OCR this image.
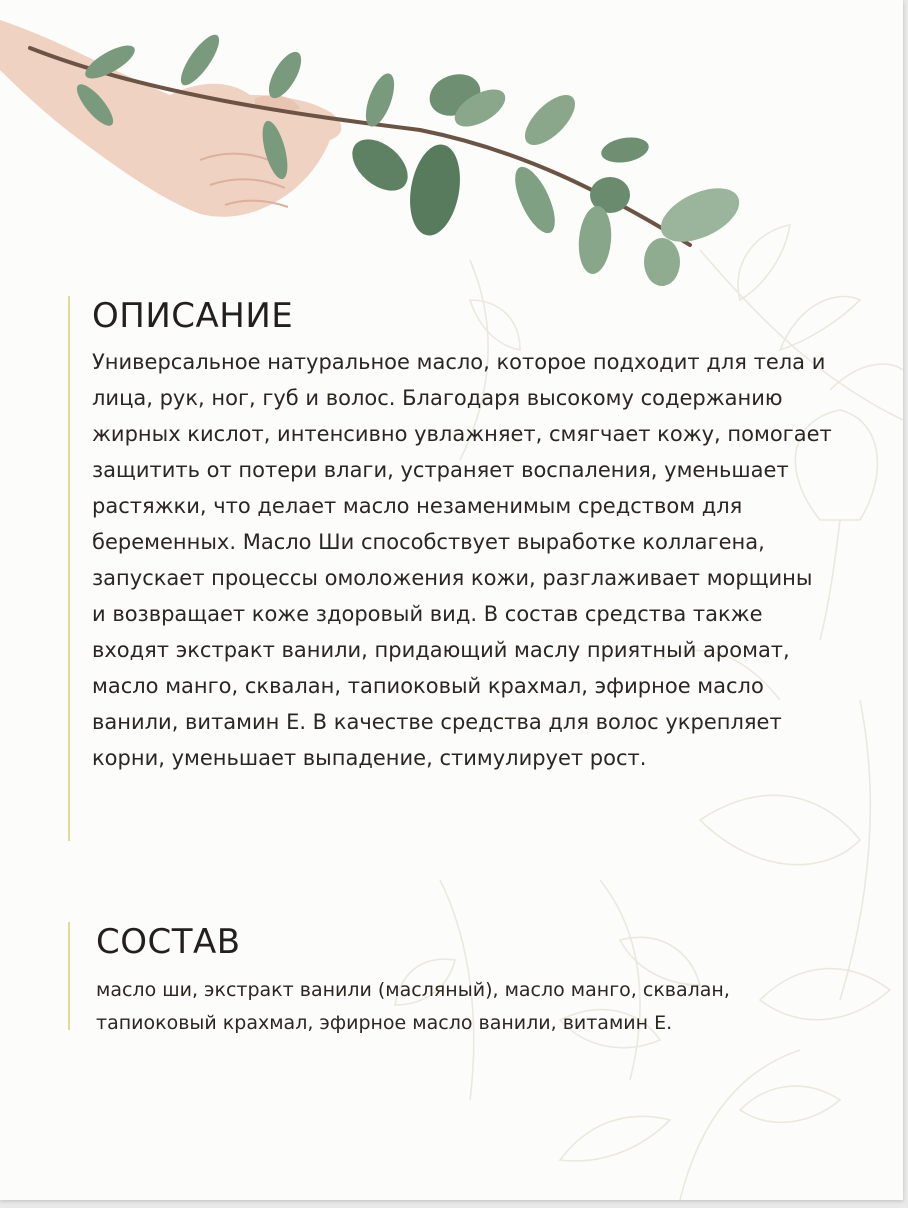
ОПИСАНИЕ

Универсальное натуральное масло, которое подходит для тела и лица, рук, ног, губ и волос. Благодаря высокому содержанию жирных кислот, интенсивно увлажняет, смягчает кожу, помогает защитить от потери влаги, устраняет воспаления, уменьшает растяжки, что делает масло незаменимым средством для беременных. Масло Ши способствует выработке коллагена, запускает процессы омоложения кожи, разглаживает морщины и возвращает коже здоровый вид. В состав средства также входят экстракт ванили, придающий маслу приятный аромат, масло манго, сквалан, тапиоковый крахмал, эфирное масло ванили, витамин Е. В качестве средства для волос укрепляет корни, уменьшает выпадение, стимулирует рост.

СОСТАВ

масло ши, экстракт ванили (масляный), масло манго, сквалан, тапиоковый крахмал, эфирное масло ванили, витамин Е.
